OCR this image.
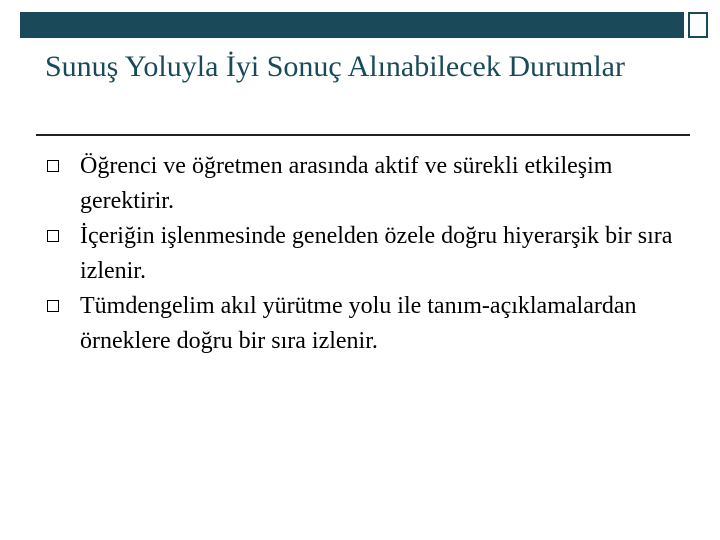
Sunuş Yoluyla İyi Sonuç Alınabilecek Durumlar
Öğrenci ve öğretmen arasında aktif ve sürekli etkileşim gerektirir.
İçeriğin işlenmesinde genelden özele doğru hiyerarşik bir sıra izlenir.
Tümdengelim akıl yürütme yolu ile tanım-açıklamalardan örneklere doğru bir sıra izlenir.
